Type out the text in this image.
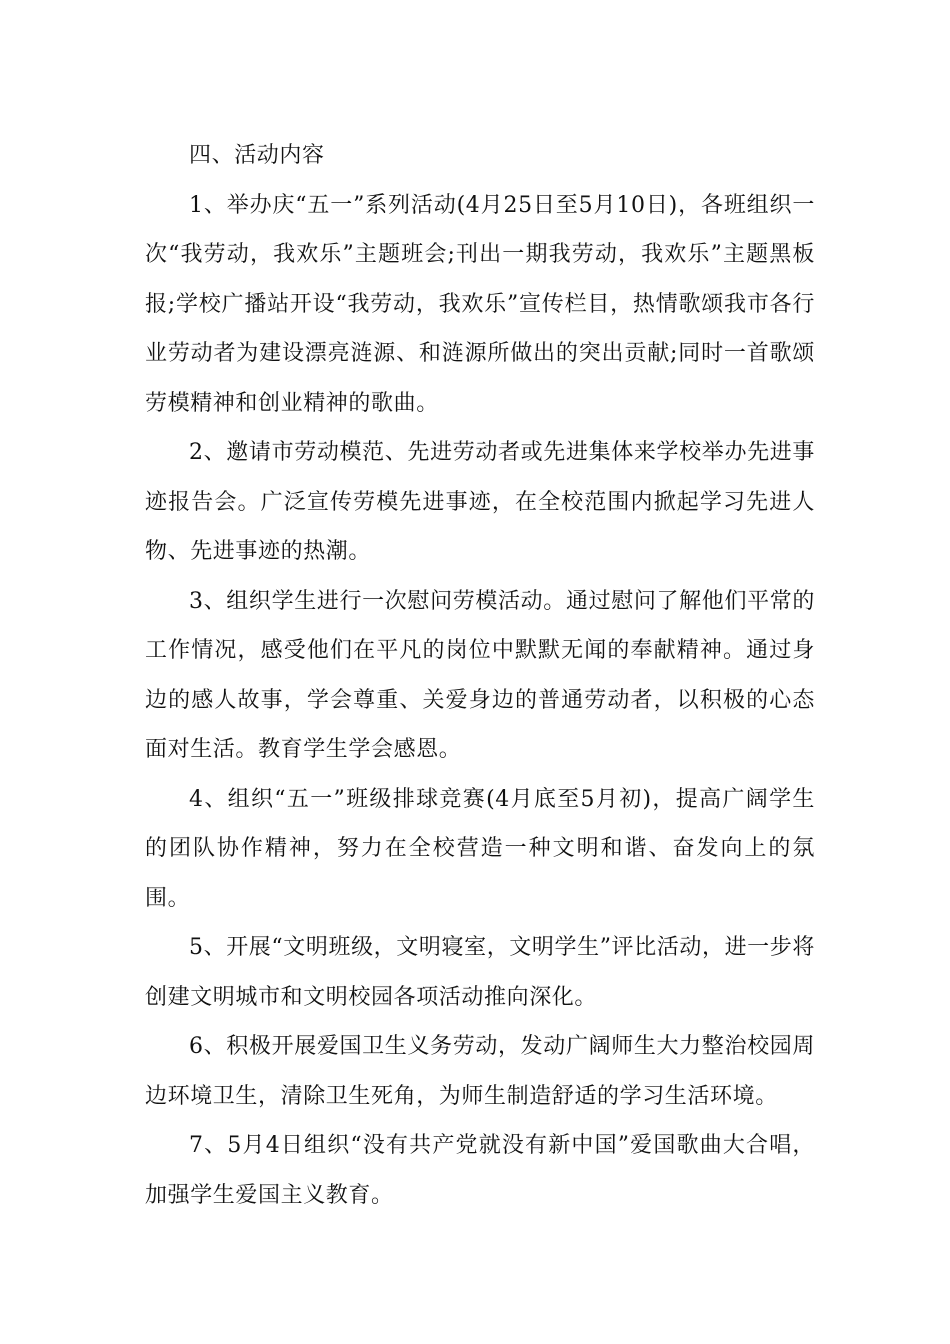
四、活动内容

1、举办庆“五一”系列活动(4月25日至5月10日)，各班组织一次“我劳动，我欢乐”主题班会;刊出一期我劳动，我欢乐”主题黑板报;学校广播站开设“我劳动，我欢乐”宣传栏目，热情歌颂我市各行业劳动者为建设漂亮涟源、和涟源所做出的突出贡献;同时一首歌颂劳模精神和创业精神的歌曲。

2、邀请市劳动模范、先进劳动者或先进集体来学校举办先进事迹报告会。广泛宣传劳模先进事迹，在全校范围内掀起学习先进人物、先进事迹的热潮。

3、组织学生进行一次慰问劳模活动。通过慰问了解他们平常的工作情况，感受他们在平凡的岗位中默默无闻的奉献精神。通过身边的感人故事，学会尊重、关爱身边的普通劳动者，以积极的心态面对生活。教育学生学会感恩。

4、组织“五一”班级排球竞赛(4月底至5月初)，提高广阔学生的团队协作精神，努力在全校营造一种文明和谐、奋发向上的氛围。

5、开展“文明班级，文明寝室，文明学生”评比活动，进一步将创建文明城市和文明校园各项活动推向深化。

6、积极开展爱国卫生义务劳动，发动广阔师生大力整治校园周边环境卫生，清除卫生死角，为师生制造舒适的学习生活环境。

7、5月4日组织“没有共产党就没有新中国”爱国歌曲大合唱，加强学生爱国主义教育。
